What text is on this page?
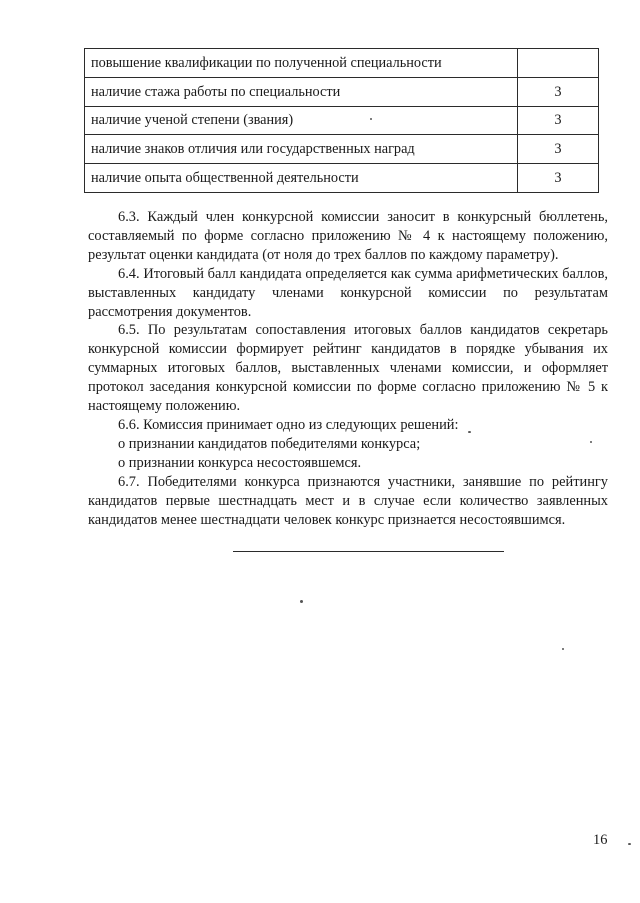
повышение квалификации по полученной специальности	
наличие стажа работы по специальности	3
наличие ученой степени (звания)	3
наличие знаков отличия или государственных наград	3
наличие опыта общественной деятельности	3

6.3. Каждый член конкурсной комиссии заносит в конкурсный бюллетень, составляемый по форме согласно приложению № 4 к настоящему положению, результат оценки кандидата (от ноля до трех баллов по каждому параметру).

6.4. Итоговый балл кандидата определяется как сумма арифметических баллов, выставленных кандидату членами конкурсной комиссии по результатам рассмотрения документов.

6.5. По результатам сопоставления итоговых баллов кандидатов секретарь конкурсной комиссии формирует рейтинг кандидатов в порядке убывания их суммарных итоговых баллов, выставленных членами комиссии, и оформляет протокол заседания конкурсной комиссии по форме согласно приложению № 5 к настоящему положению.

6.6. Комиссия принимает одно из следующих решений:

о признании кандидатов победителями конкурса;

о признании конкурса несостоявшемся.

6.7. Победителями конкурса признаются участники, занявшие по рейтингу кандидатов первые шестнадцать мест и в случае если количество заявленных кандидатов менее шестнадцати человек конкурс признается несостоявшимся.

16
